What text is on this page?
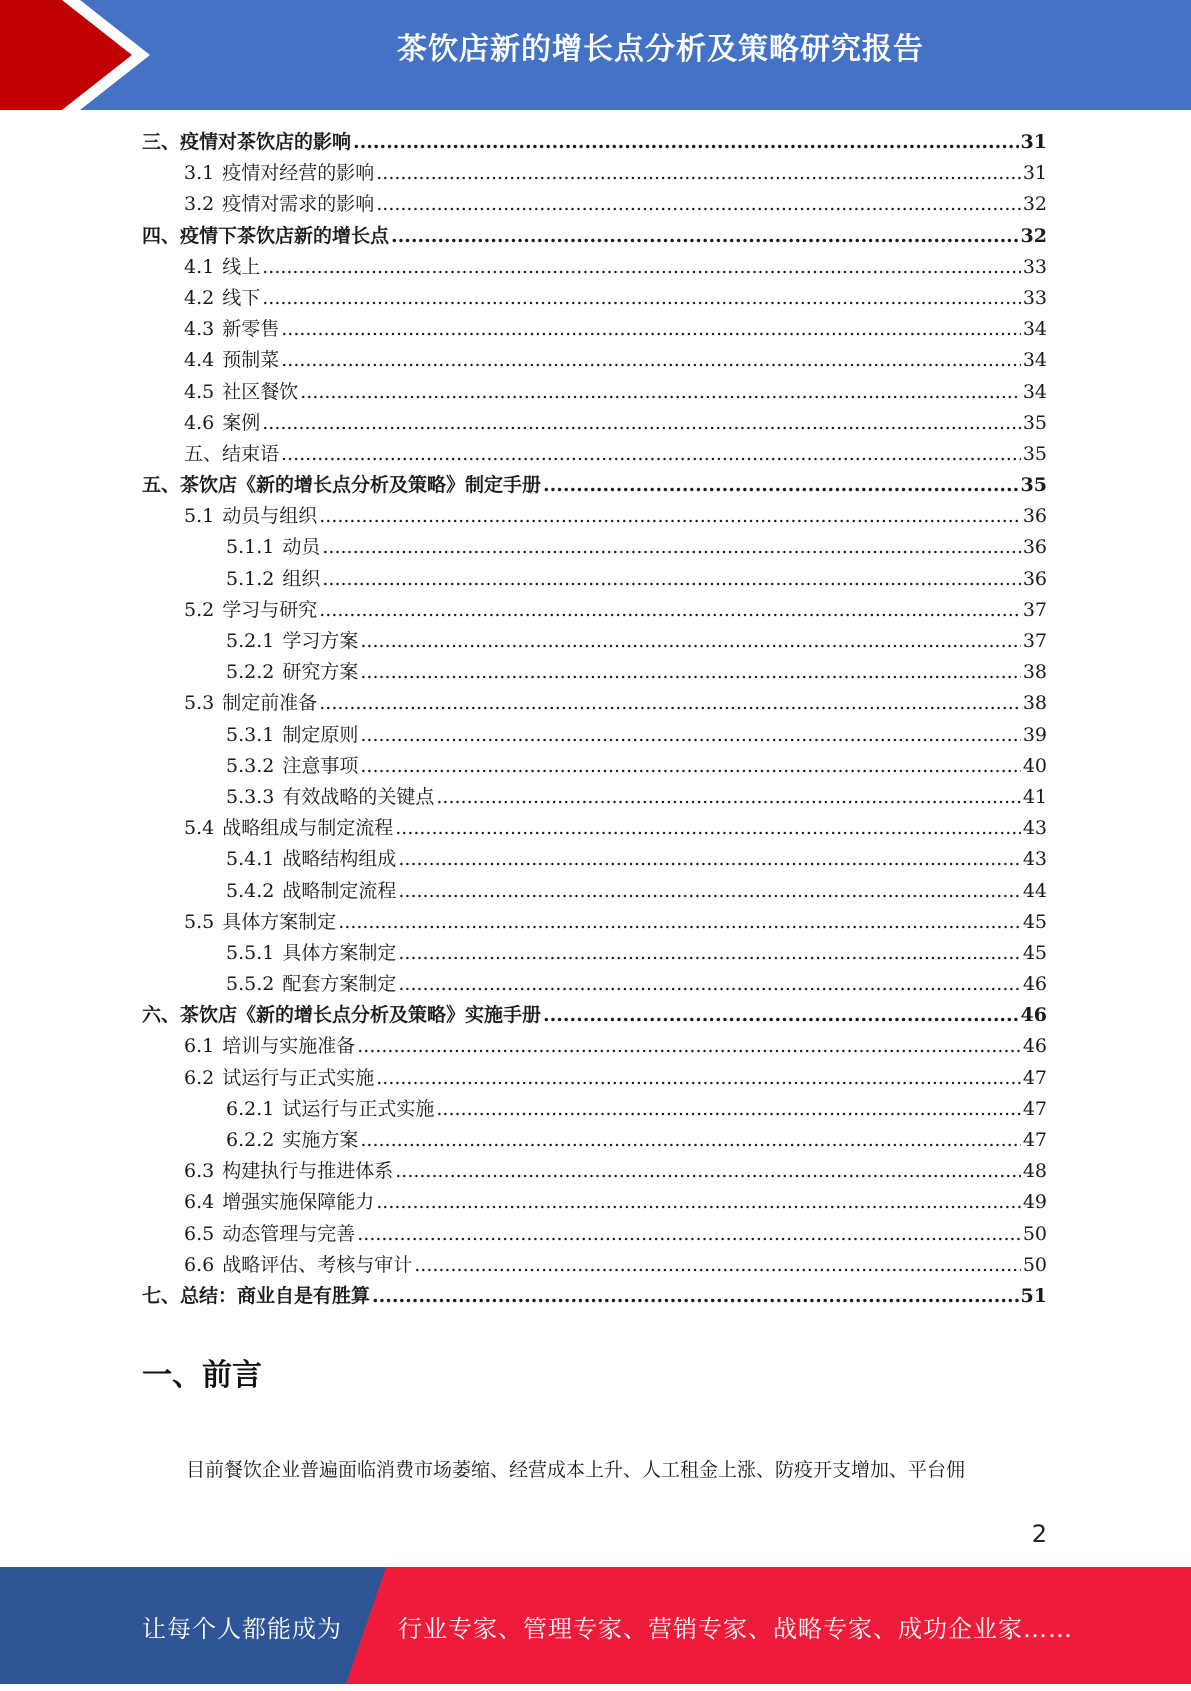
茶饮店新的增长点分析及策略研究报告
三、疫情对茶饮店的影响 .....	31
3.1 疫情对经营的影响 .....	31
3.2 疫情对需求的影响 .....	32
四、疫情下茶饮店新的增长点 .....	32
4.1 线上 .....	33
4.2 线下 .....	33
4.3 新零售 .....	34
4.4 预制菜 .....	34
4.5 社区餐饮 .....	34
4.6 案例 .....	35
五、结束语 .....	35
五、茶饮店《新的增长点分析及策略》制定手册 .....	35
5.1 动员与组织 .....	36
5.1.1 动员 .....	36
5.1.2 组织 .....	36
5.2 学习与研究 .....	37
5.2.1 学习方案 .....	37
5.2.2 研究方案 .....	38
5.3 制定前准备 .....	38
5.3.1 制定原则 .....	39
5.3.2 注意事项 .....	40
5.3.3 有效战略的关键点 .....	41
5.4 战略组成与制定流程 .....	43
5.4.1 战略结构组成 .....	43
5.4.2 战略制定流程 .....	44
5.5 具体方案制定 .....	45
5.5.1 具体方案制定 .....	45
5.5.2 配套方案制定 .....	46
六、茶饮店《新的增长点分析及策略》实施手册 .....	46
6.1 培训与实施准备 .....	46
6.2 试运行与正式实施 .....	47
6.2.1 试运行与正式实施 .....	47
6.2.2 实施方案 .....	47
6.3 构建执行与推进体系 .....	48
6.4 增强实施保障能力 .....	49
6.5 动态管理与完善 .....	50
6.6 战略评估、考核与审计 .....	50
七、总结：商业自是有胜算 .....	51
一、前言

目前餐饮企业普遍面临消费市场萎缩、经营成本上升、人工租金上涨、防疫开支增加、平台佣

2
让每个人都能成为 行业专家、管理专家、营销专家、战略专家、成功企业家……
